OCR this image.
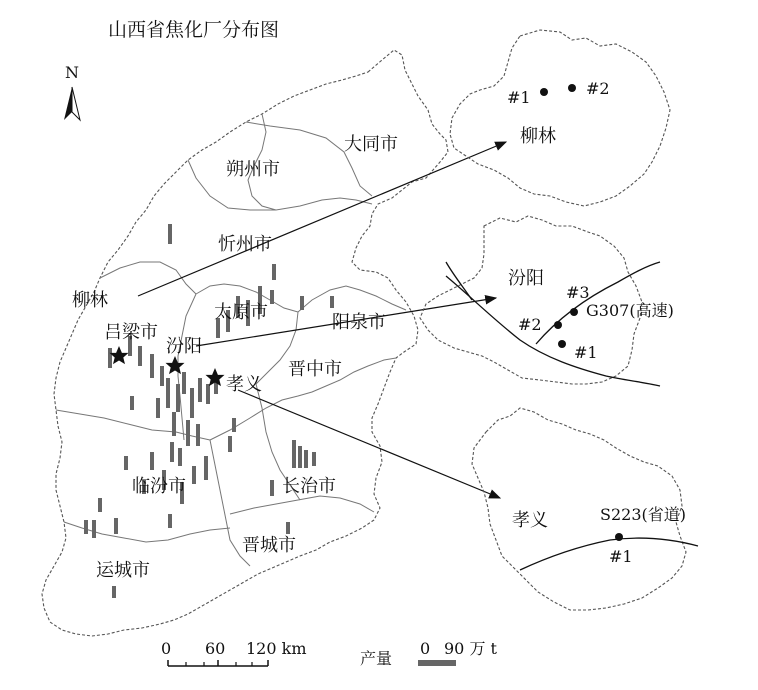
山西省焦化厂分布图
N
大同市
朔州市
忻州市
太原市	阳泉市
吕梁市
晋中市
长治市
临汾市
晋城市
运城市
柳林
汾阳
孝义
#1	#2
柳林
汾阳
#3
#2
#1
G307(高速)
孝义	S223(省道)
#1
0 60 120 km
产量
0 90 万 t
